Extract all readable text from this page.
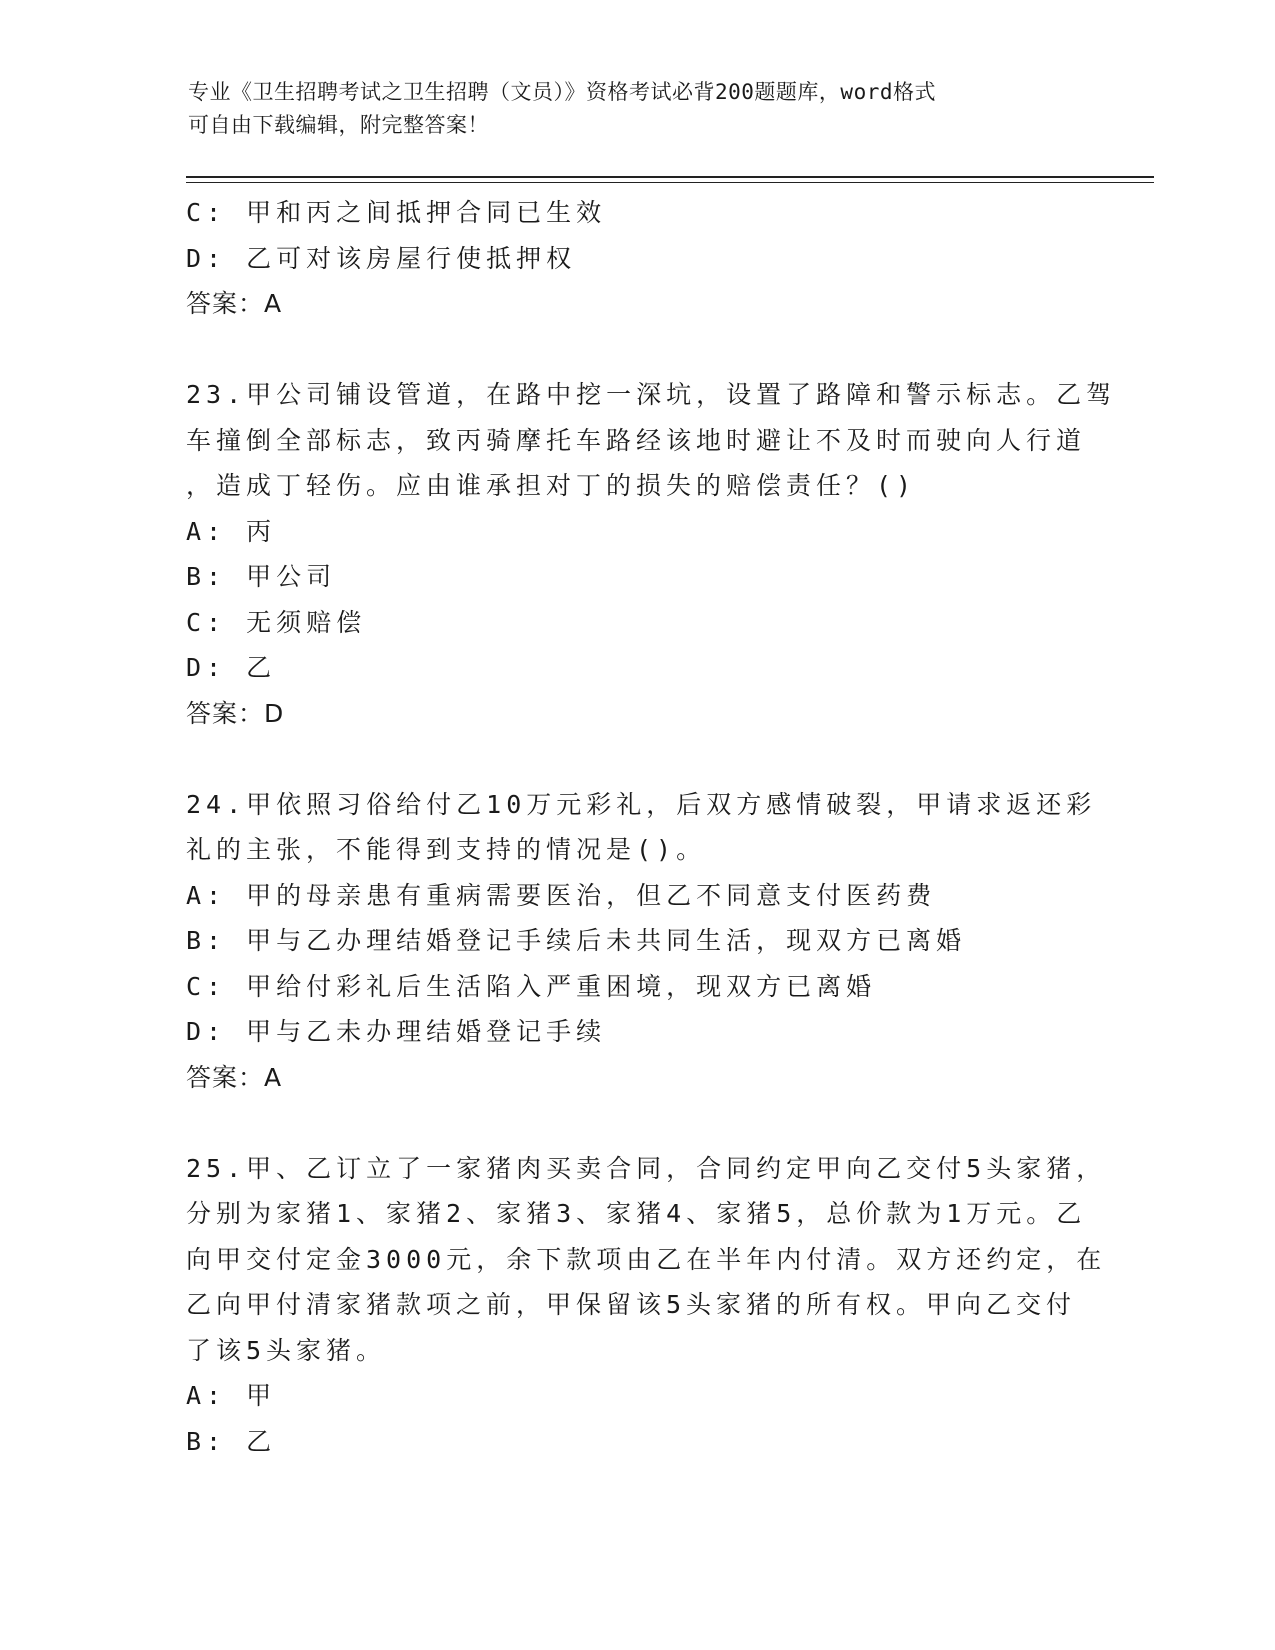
专业《卫生招聘考试之卫生招聘（文员）》资格考试必背200题题库，word格式
可自由下载编辑，附完整答案！
C: 甲和丙之间抵押合同已生效
D: 乙可对该房屋行使抵押权
答案：A
23.甲公司铺设管道，在路中挖一深坑，设置了路障和警示标志。乙驾
车撞倒全部标志，致丙骑摩托车路经该地时避让不及时而驶向人行道
，造成丁轻伤。应由谁承担对丁的损失的赔偿责任？()
A: 丙
B: 甲公司
C: 无须赔偿
D: 乙
答案：D
24.甲依照习俗给付乙10万元彩礼，后双方感情破裂，甲请求返还彩
礼的主张，不能得到支持的情况是()。
A: 甲的母亲患有重病需要医治，但乙不同意支付医药费
B: 甲与乙办理结婚登记手续后未共同生活，现双方已离婚
C: 甲给付彩礼后生活陷入严重困境，现双方已离婚
D: 甲与乙未办理结婚登记手续
答案：A
25.甲、乙订立了一家猪肉买卖合同，合同约定甲向乙交付5头家猪，
分别为家猪1、家猪2、家猪3、家猪4、家猪5，总价款为1万元。乙
向甲交付定金3000元，余下款项由乙在半年内付清。双方还约定，在
乙向甲付清家猪款项之前，甲保留该5头家猪的所有权。甲向乙交付
了该5头家猪。
A: 甲
B: 乙
